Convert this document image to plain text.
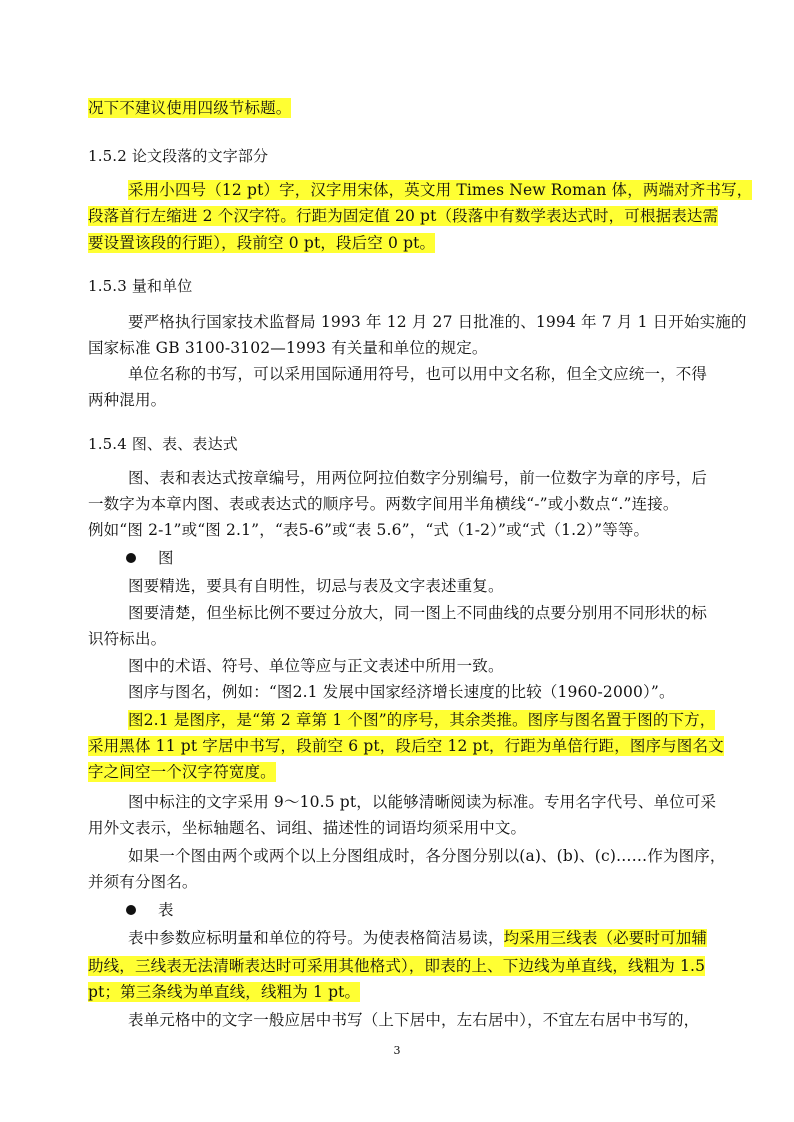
况下不建议使用四级节标题。
1.5.2 论文段落的文字部分
采用小四号（12 pt）字，汉字用宋体，英文用 Times New Roman 体，两端对齐书写，
段落首行左缩进 2 个汉字符。行距为固定值 20 pt（段落中有数学表达式时，可根据表达需
要设置该段的行距），段前空 0 pt，段后空 0 pt。
1.5.3 量和单位
要严格执行国家技术监督局 1993 年 12 月 27 日批准的、1994 年 7 月 1 日开始实施的
国家标准 GB 3100-3102—1993 有关量和单位的规定。
单位名称的书写，可以采用国际通用符号，也可以用中文名称，但全文应统一，不得
两种混用。
1.5.4 图、表、表达式
图、表和表达式按章编号，用两位阿拉伯数字分别编号，前一位数字为章的序号，后
一数字为本章内图、表或表达式的顺序号。两数字间用半角横线“-”或小数点“.”连接。
例如“图 2-1”或“图 2.1”，“表5-6”或“表 5.6”，“式（1-2）”或“式（1.2）”等等。
图
图要精选，要具有自明性，切忌与表及文字表述重复。
图要清楚，但坐标比例不要过分放大，同一图上不同曲线的点要分别用不同形状的标
识符标出。
图中的术语、符号、单位等应与正文表述中所用一致。
图序与图名，例如：“图2.1 发展中国家经济增长速度的比较（1960-2000）”。
图2.1 是图序，是“第 2 章第 1 个图”的序号，其余类推。图序与图名置于图的下方，
采用黑体 11 pt 字居中书写，段前空 6 pt，段后空 12 pt，行距为单倍行距，图序与图名文
字之间空一个汉字符宽度。
图中标注的文字采用 9～10.5 pt，以能够清晰阅读为标准。专用名字代号、单位可采
用外文表示，坐标轴题名、词组、描述性的词语均须采用中文。
如果一个图由两个或两个以上分图组成时，各分图分别以(a)、(b)、(c)……作为图序，
并须有分图名。
表
表中参数应标明量和单位的符号。为使表格简洁易读，均采用三线表（必要时可加辅
助线，三线表无法清晰表达时可采用其他格式），即表的上、下边线为单直线，线粗为 1.5
pt；第三条线为单直线，线粗为 1 pt。
表单元格中的文字一般应居中书写（上下居中，左右居中），不宜左右居中书写的，
3
